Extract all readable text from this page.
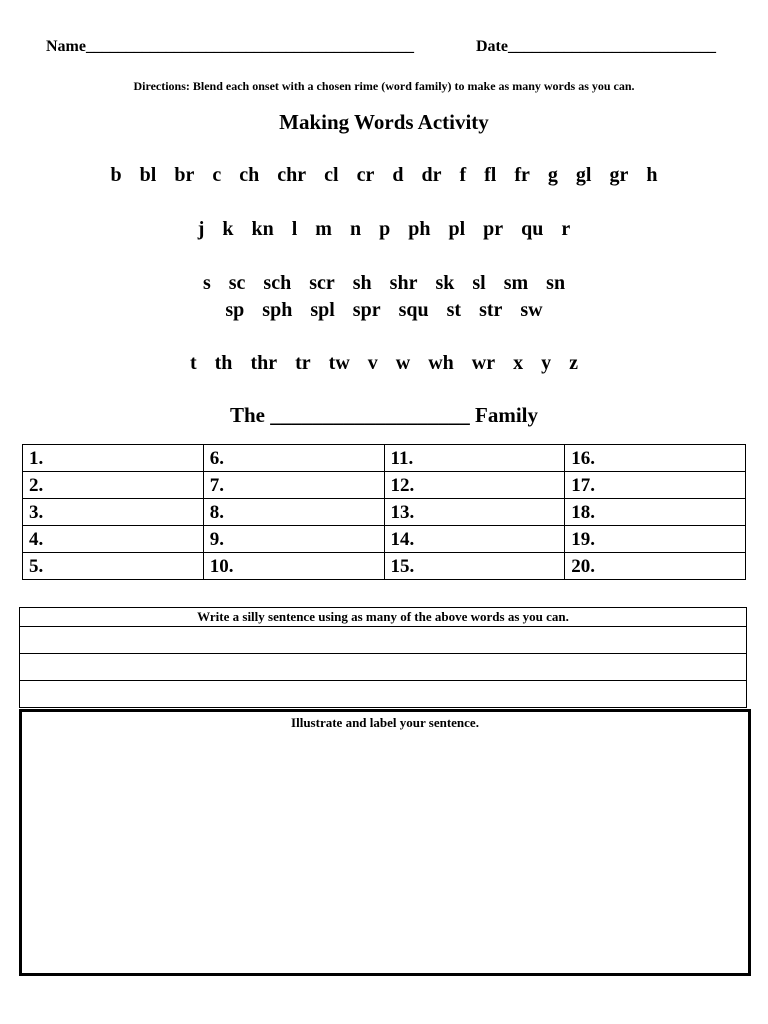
Name_________________________________________	Date__________________________
Directions: Blend each onset with a chosen rime (word family) to make as many words as you can.
Making Words Activity
b bl br c ch chr cl cr d dr f fl fr g gl gr h
j k kn l m n p ph pl pr qu r
s sc sch scr sh shr sk sl sm sn
sp sph spl spr squ st str sw
t th thr tr tw v w wh wr x y z
The ___________________ Family
1.	6.	11.	16.
2.	7.	12.	17.
3.	8.	13.	18.
4.	9.	14.	19.
5.	10.	15.	20.
Write a silly sentence using as many of the above words as you can.
Illustrate and label your sentence.
